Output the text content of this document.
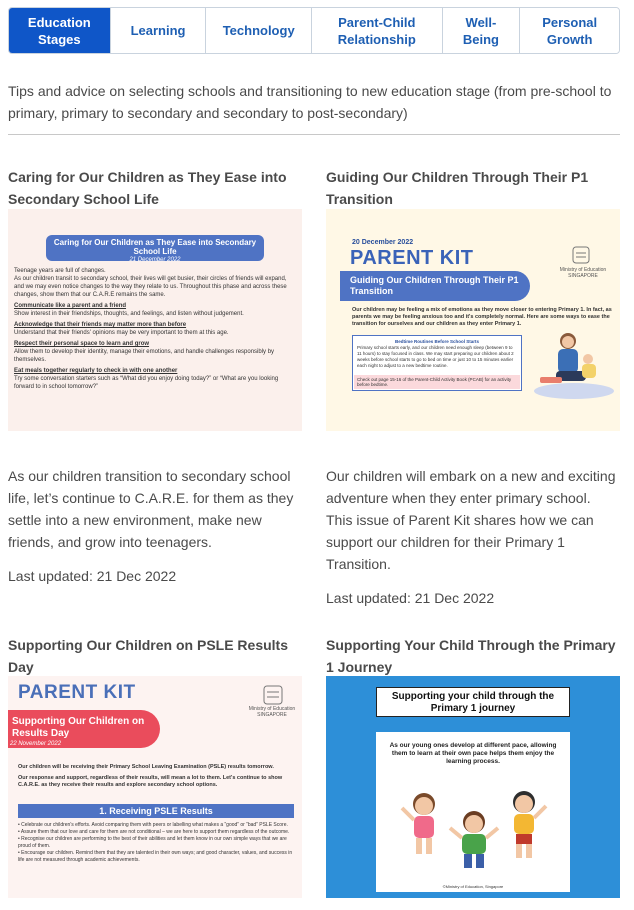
Education
Stages
Learning	Technology
Parent-Child
Relationship
Well-
Being
Personal
Growth

Tips and advice on selecting schools and transitioning to new education stage (from pre-school to primary, primary to secondary and secondary to post-secondary)

Caring for Our Children as They Ease into Secondary School Life
Caring for Our Children as They Ease into Secondary School Life
21 December 2022

Teenage years are full of changes.
As our children transit to secondary school, their lives will get busier, their circles of friends will expand, and we may even notice changes to the way they relate to us. Throughout this phase and across these changes, show them that our C.A.R.E remains the same.

Communicate like a parent and a friend
Show interest in their friendships, thoughts, and feelings, and listen without judgement.

Acknowledge that their friends may matter more than before
Understand that their friends' opinions may be very important to them at this age.

Respect their personal space to learn and grow
Allow them to develop their identity, manage their emotions, and handle challenges responsibly by themselves.

Eat meals together regularly to check in with one another
Try some conversation starters such as “What did you enjoy doing today?” or “What are you looking forward to in school tomorrow?”

As our children transition to secondary school life, let’s continue to C.A.R.E. for them as they settle into a new environment, make new friends, and grow into teenagers.

Last updated: 21 Dec 2022

Guiding Our Children Through Their P1 Transition
20 December 2022
PARENT KIT
Ministry of Education SINGAPORE
Guiding Our Children Through Their P1 Transition
Our children may be feeling a mix of emotions as they move closer to entering Primary 1. In fact, as parents we may be feeling anxious too and it's completely normal. Here are some ways to ease the transition for ourselves and our children as they enter Primary 1.
Bedtime Routines Before School Starts
Primary school starts early, and our children need enough sleep (between 9 to 11 hours) to stay focused in class. We may start preparing our children about 2 weeks before school starts to go to bed on time or just 10 to 15 minutes earlier each night to adjust to a new bedtime routine.
Check out page 15-16 of the Parent-Child Activity Book (PCAB) for an activity before bedtime.

Our children will embark on a new and exciting adventure when they enter primary school. This issue of Parent Kit shares how we can support our children for their Primary 1 Transition.

Last updated: 21 Dec 2022

Supporting Our Children on PSLE Results Day
PARENT KIT
Supporting Our Children on Results Day
22 November 2022
Ministry of Education SINGAPORE
Our children will be receiving their Primary School Leaving Examination (PSLE) results tomorrow.
Our response and support, regardless of their results, will mean a lot to them. Let's continue to show C.A.R.E. as they receive their results and explore secondary school options.
1. Receiving PSLE Results
• Celebrate our children's efforts. Avoid comparing them with peers or labelling what makes a “good” or “bad” PSLE Score.
• Assure them that our love and care for them are not conditional – we are here to support them regardless of the outcome.
• Recognise our children are performing to the best of their abilities and let them know in our own simple ways that we are proud of them.
• Encourage our children. Remind them that they are talented in their own ways; and good character, values, and success in life are not measured through academic achievements.
Supporting Your Child Through the Primary 1 Journey
Supporting your child through the Primary 1 journey
As our young ones develop at different pace, allowing them to learn at their own pace helps them enjoy the learning process.
©Ministry of Education, Singapore
